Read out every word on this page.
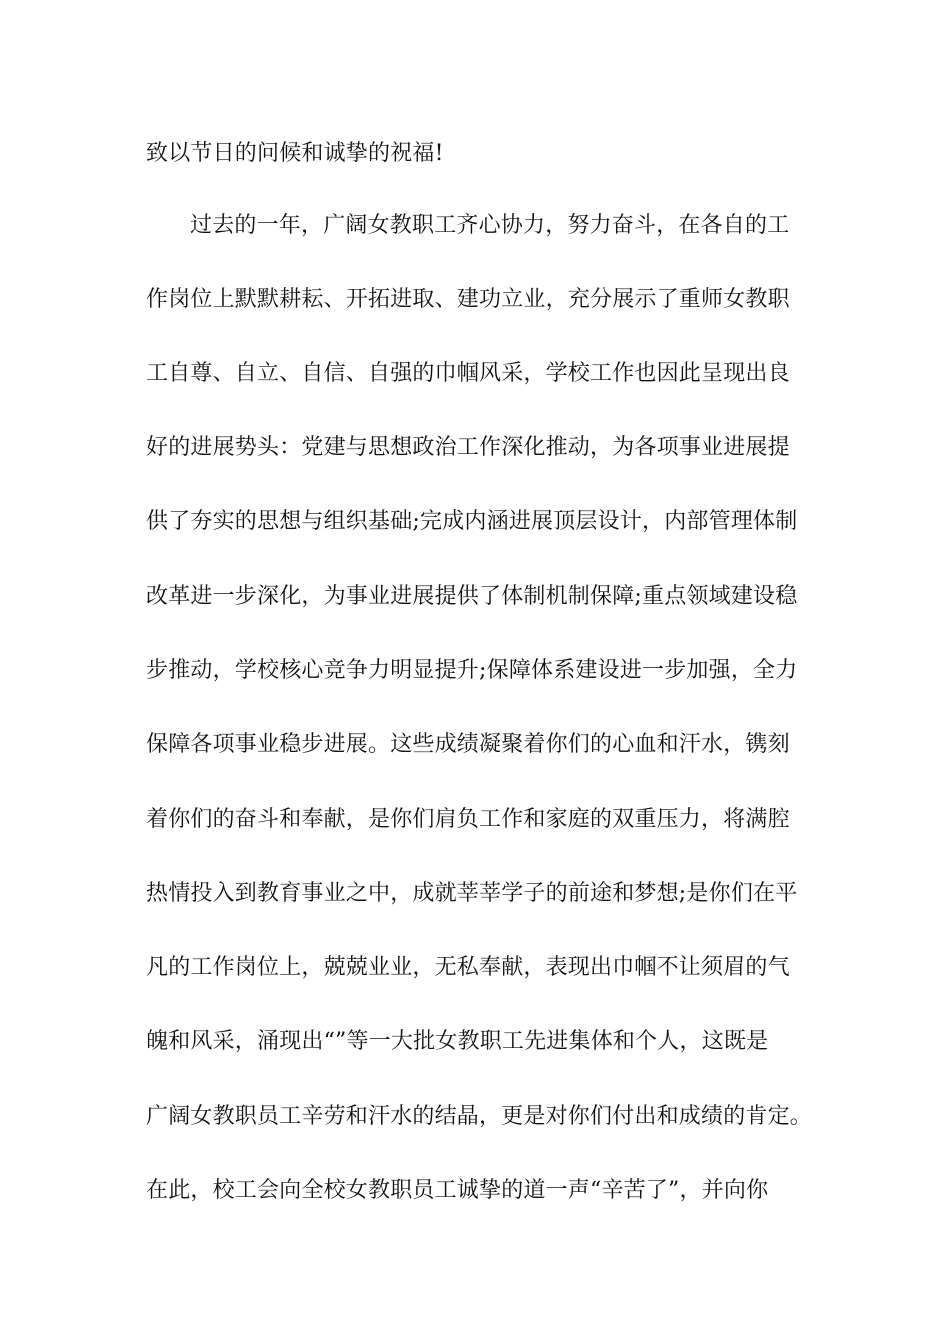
致以节日的问候和诚挚的祝福!
过去的一年，广阔女教职工齐心协力，努力奋斗，在各自的工
作岗位上默默耕耘、开拓进取、建功立业，充分展示了重师女教职
工自尊、自立、自信、自强的巾帼风采，学校工作也因此呈现出良
好的进展势头：党建与思想政治工作深化推动，为各项事业进展提
供了夯实的思想与组织基础;完成内涵进展顶层设计，内部管理体制
改革进一步深化，为事业进展提供了体制机制保障;重点领域建设稳
步推动，学校核心竞争力明显提升;保障体系建设进一步加强，全力
保障各项事业稳步进展。这些成绩凝聚着你们的心血和汗水，镌刻
着你们的奋斗和奉献，是你们肩负工作和家庭的双重压力，将满腔
热情投入到教育事业之中，成就莘莘学子的前途和梦想;是你们在平
凡的工作岗位上，兢兢业业，无私奉献，表现出巾帼不让须眉的气
魄和风采，涌现出“”等一大批女教职工先进集体和个人，这既是
广阔女教职员工辛劳和汗水的结晶，更是对你们付出和成绩的肯定。
在此，校工会向全校女教职员工诚挚的道一声“辛苦了”，并向你
